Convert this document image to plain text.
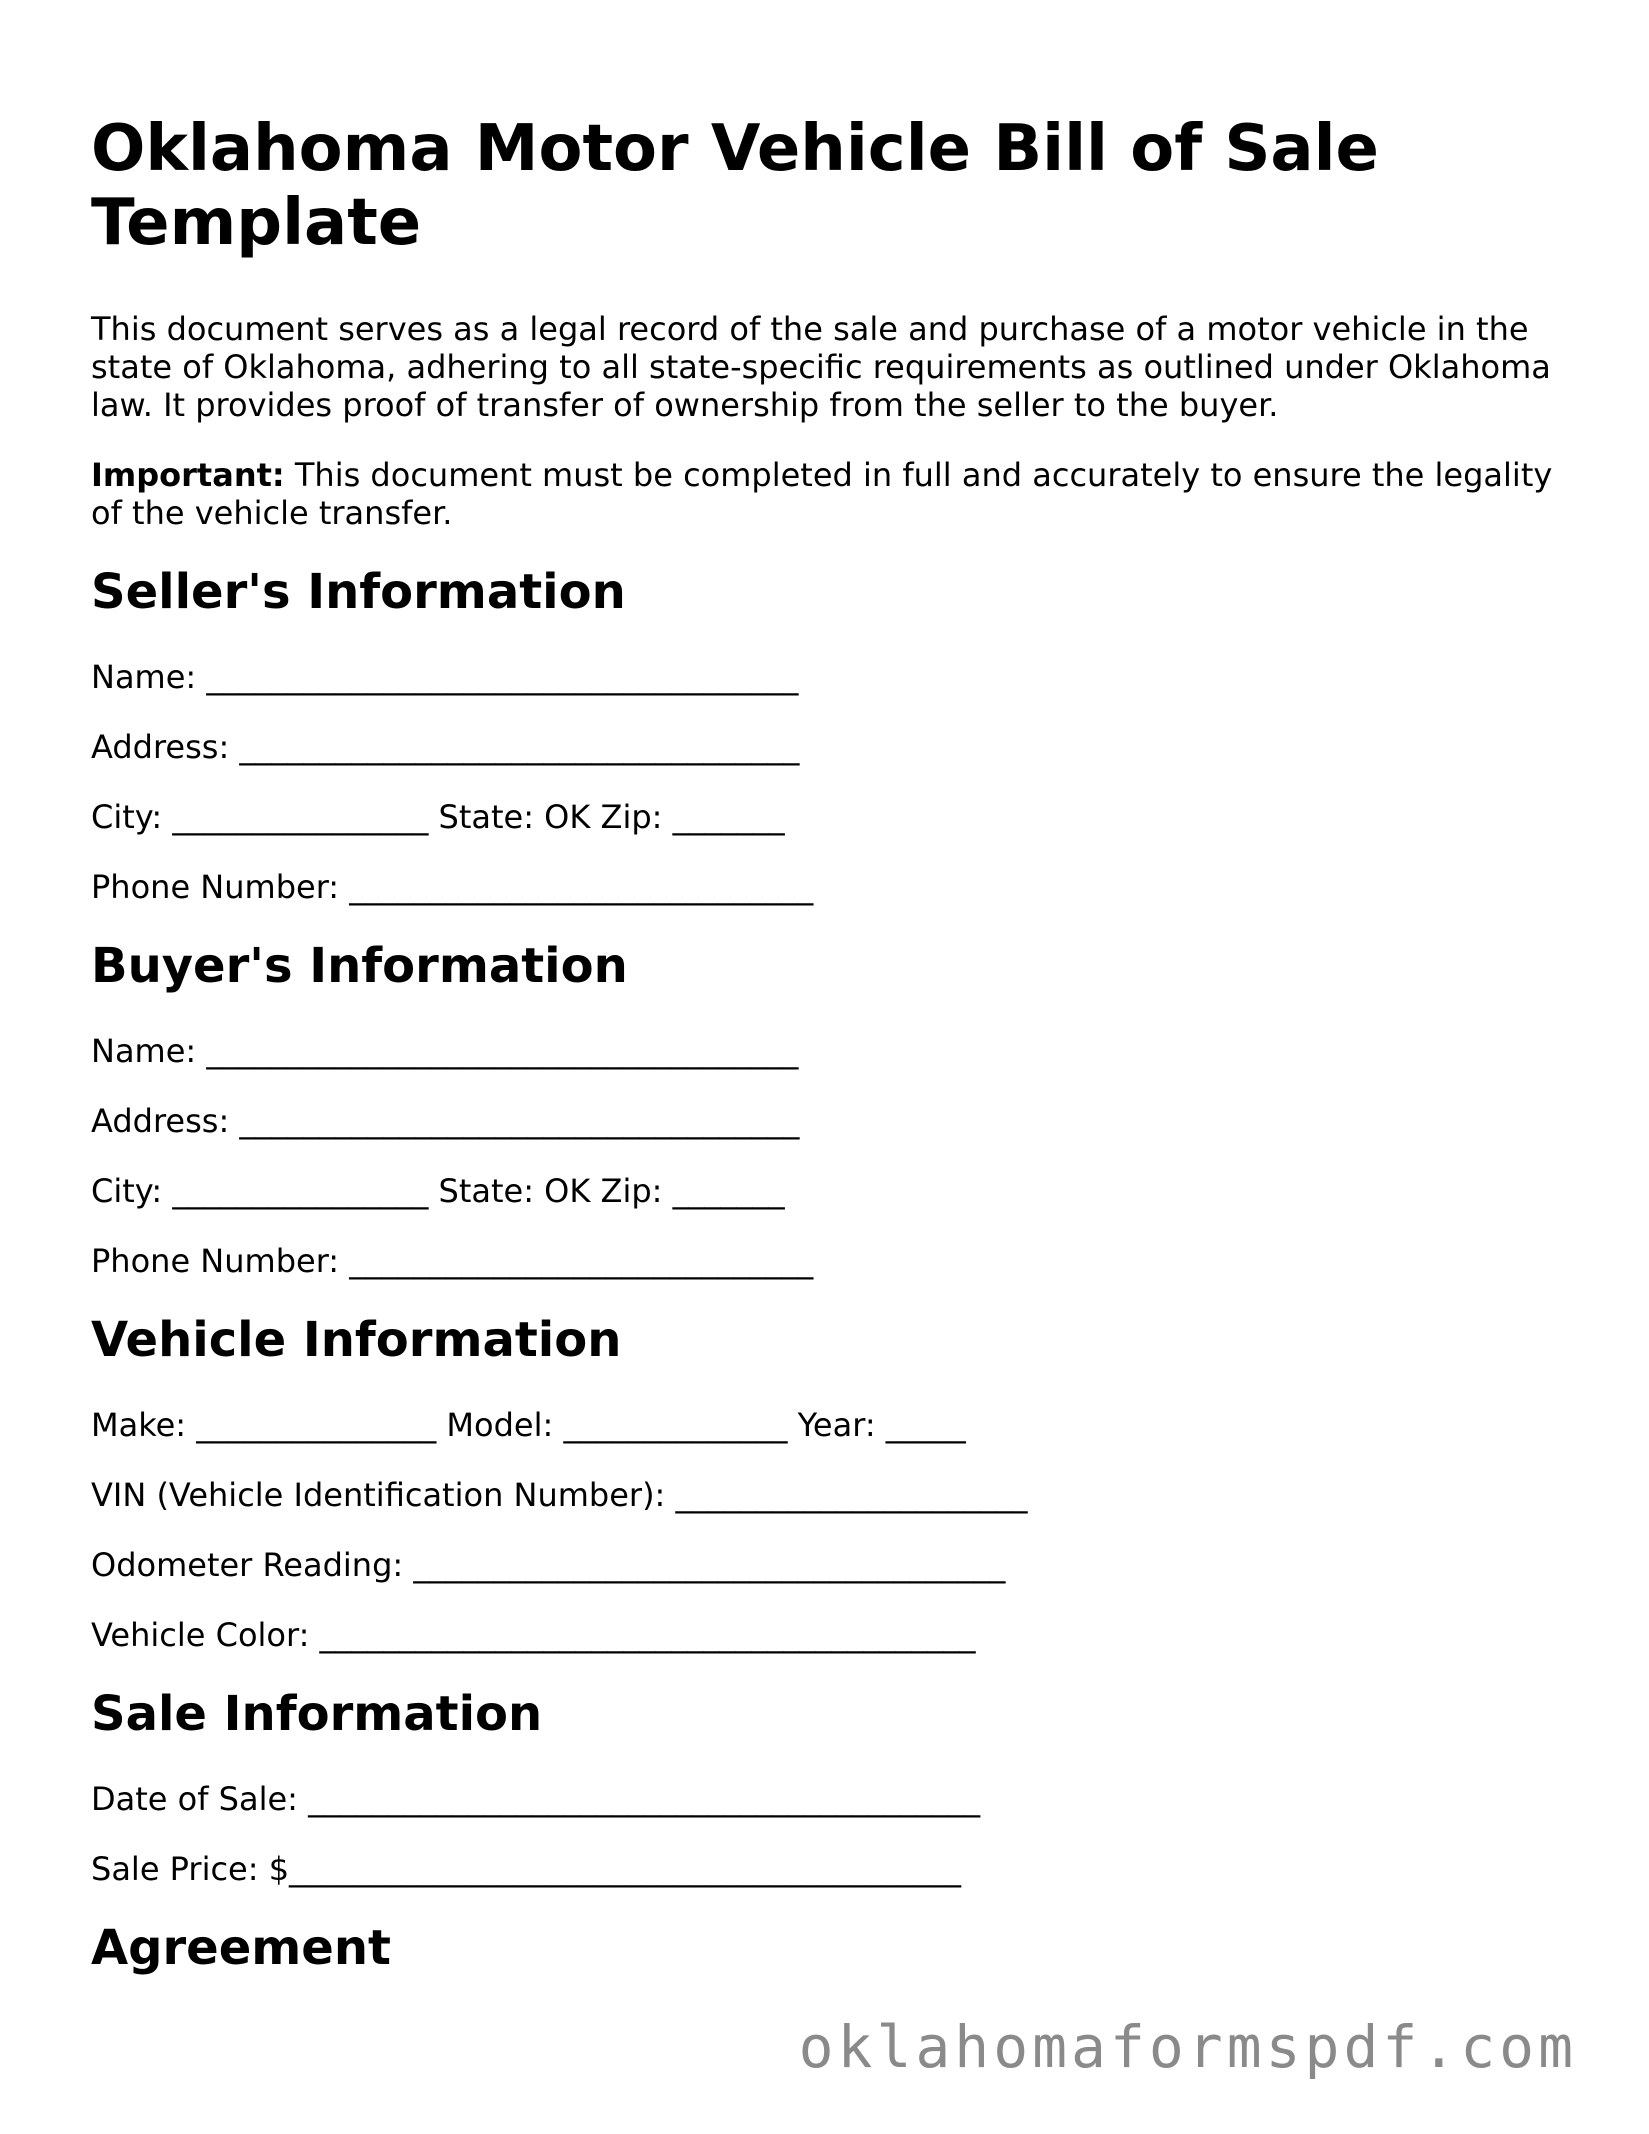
Oklahoma Motor Vehicle Bill of Sale Template

This document serves as a legal record of the sale and purchase of a motor vehicle in the state of Oklahoma, adhering to all state-specific requirements as outlined under Oklahoma law. It provides proof of transfer of ownership from the seller to the buyer.

Important: This document must be completed in full and accurately to ensure the legality of the vehicle transfer.

Seller's Information
Name: _____________________________________
Address: ___________________________________
City: ________________ State: OK Zip: _______
Phone Number: _____________________________
Buyer's Information
Name: _____________________________________
Address: ___________________________________
City: ________________ State: OK Zip: _______
Phone Number: _____________________________
Vehicle Information
Make: _______________ Model: ______________ Year: _____
VIN (Vehicle Identification Number): ______________________
Odometer Reading: _____________________________________
Vehicle Color: _________________________________________
Sale Information
Date of Sale: __________________________________________
Sale Price: $__________________________________________
Agreement
oklahomaformspdf.com
